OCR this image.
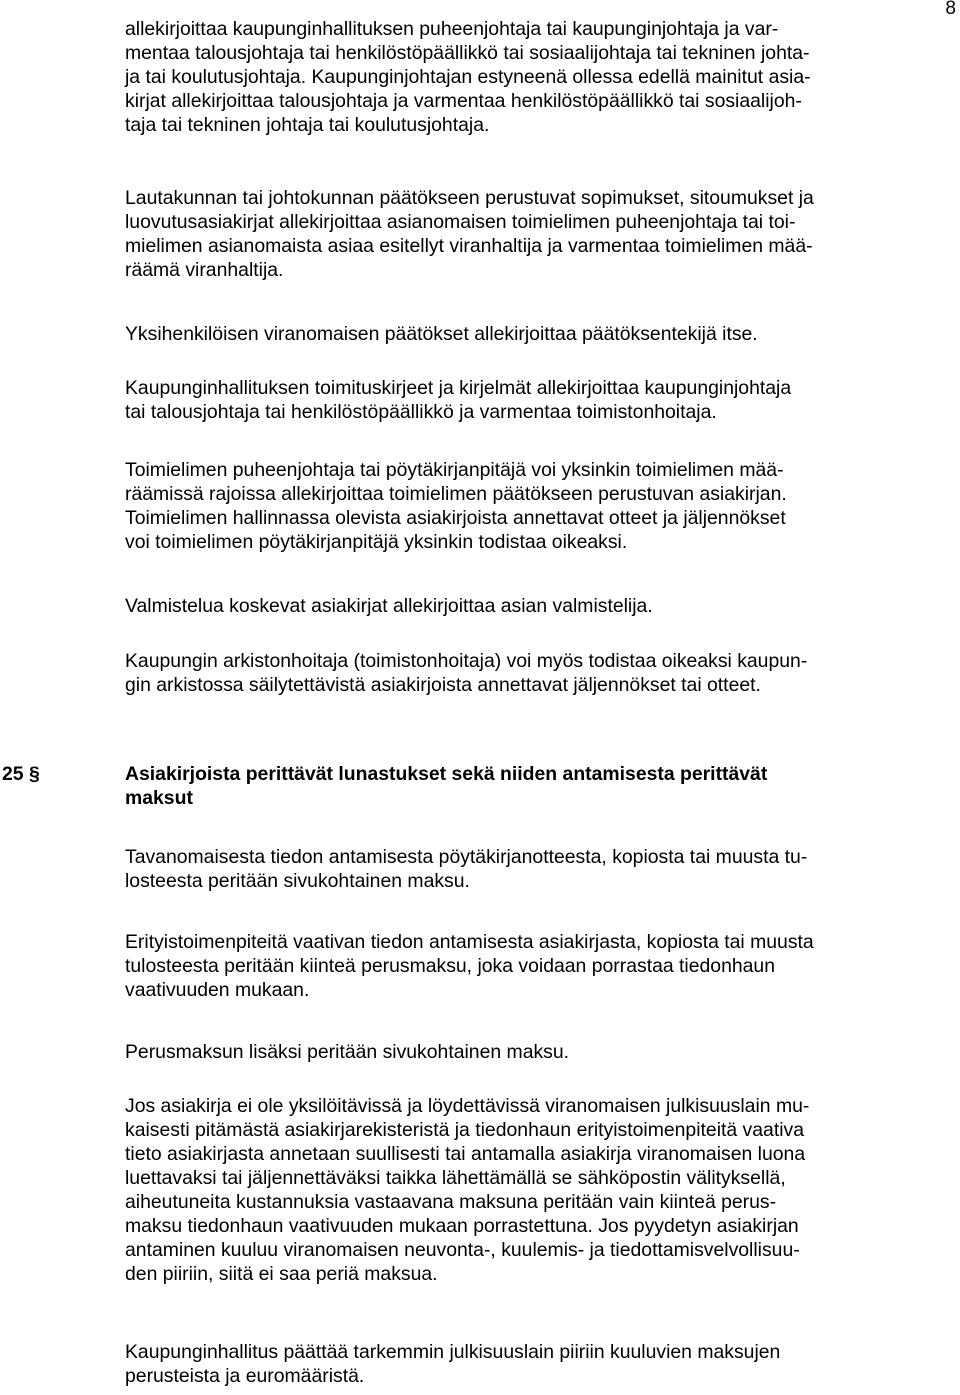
8
allekirjoittaa kaupunginhallituksen puheenjohtaja tai kaupunginjohtaja ja var-
mentaa talousjohtaja tai henkilöstöpäällikkö tai sosiaalijohtaja tai tekninen johta-
ja tai koulutusjohtaja. Kaupunginjohtajan estyneenä ollessa edellä mainitut asia-
kirjat allekirjoittaa talousjohtaja ja varmentaa henkilöstöpäällikkö tai sosiaalijoh-
taja tai tekninen johtaja tai koulutusjohtaja.
Lautakunnan tai johtokunnan päätökseen perustuvat sopimukset, sitoumukset ja
luovutusasiakirjat allekirjoittaa asianomaisen toimielimen puheenjohtaja tai toi-
mielimen asianomaista asiaa esitellyt viranhaltija ja varmentaa toimielimen mää-
räämä viranhaltija.
Yksihenkilöisen viranomaisen päätökset allekirjoittaa päätöksentekijä itse.
Kaupunginhallituksen toimituskirjeet ja kirjelmät allekirjoittaa kaupunginjohtaja
tai talousjohtaja tai henkilöstöpäällikkö ja varmentaa toimistonhoitaja.
Toimielimen puheenjohtaja tai pöytäkirjanpitäjä voi yksinkin toimielimen mää-
räämissä rajoissa allekirjoittaa toimielimen päätökseen perustuvan asiakirjan.
Toimielimen hallinnassa olevista asiakirjoista annettavat otteet ja jäljennökset
voi toimielimen pöytäkirjanpitäjä yksinkin todistaa oikeaksi.
Valmistelua koskevat asiakirjat allekirjoittaa asian valmistelija.
Kaupungin arkistonhoitaja (toimistonhoitaja) voi myös todistaa oikeaksi kaupun-
gin arkistossa säilytettävistä asiakirjoista annettavat jäljennökset tai otteet.
25 §	Asiakirjoista perittävät lunastukset sekä niiden antamisesta perittävät
maksut
Tavanomaisesta tiedon antamisesta pöytäkirjanotteesta, kopiosta tai muusta tu-
losteesta peritään sivukohtainen maksu.
Erityistoimenpiteitä vaativan tiedon antamisesta asiakirjasta, kopiosta tai muusta
tulosteesta peritään kiinteä perusmaksu, joka voidaan porrastaa tiedonhaun
vaativuuden mukaan.
Perusmaksun lisäksi peritään sivukohtainen maksu.
Jos asiakirja ei ole yksilöitävissä ja löydettävissä viranomaisen julkisuuslain mu-
kaisesti pitämästä asiakirjarekisteristä ja tiedonhaun erityistoimenpiteitä vaativa
tieto asiakirjasta annetaan suullisesti tai antamalla asiakirja viranomaisen luona
luettavaksi tai jäljennettäväksi taikka lähettämällä se sähköpostin välityksellä,
aiheutuneita kustannuksia vastaavana maksuna peritään vain kiinteä perus-
maksu tiedonhaun vaativuuden mukaan porrastettuna. Jos pyydetyn asiakirjan
antaminen kuuluu viranomaisen neuvonta-, kuulemis- ja tiedottamisvelvollisuu-
den piiriin, siitä ei saa periä maksua.
Kaupunginhallitus päättää tarkemmin julkisuuslain piiriin kuuluvien maksujen
perusteista ja euromääristä.
